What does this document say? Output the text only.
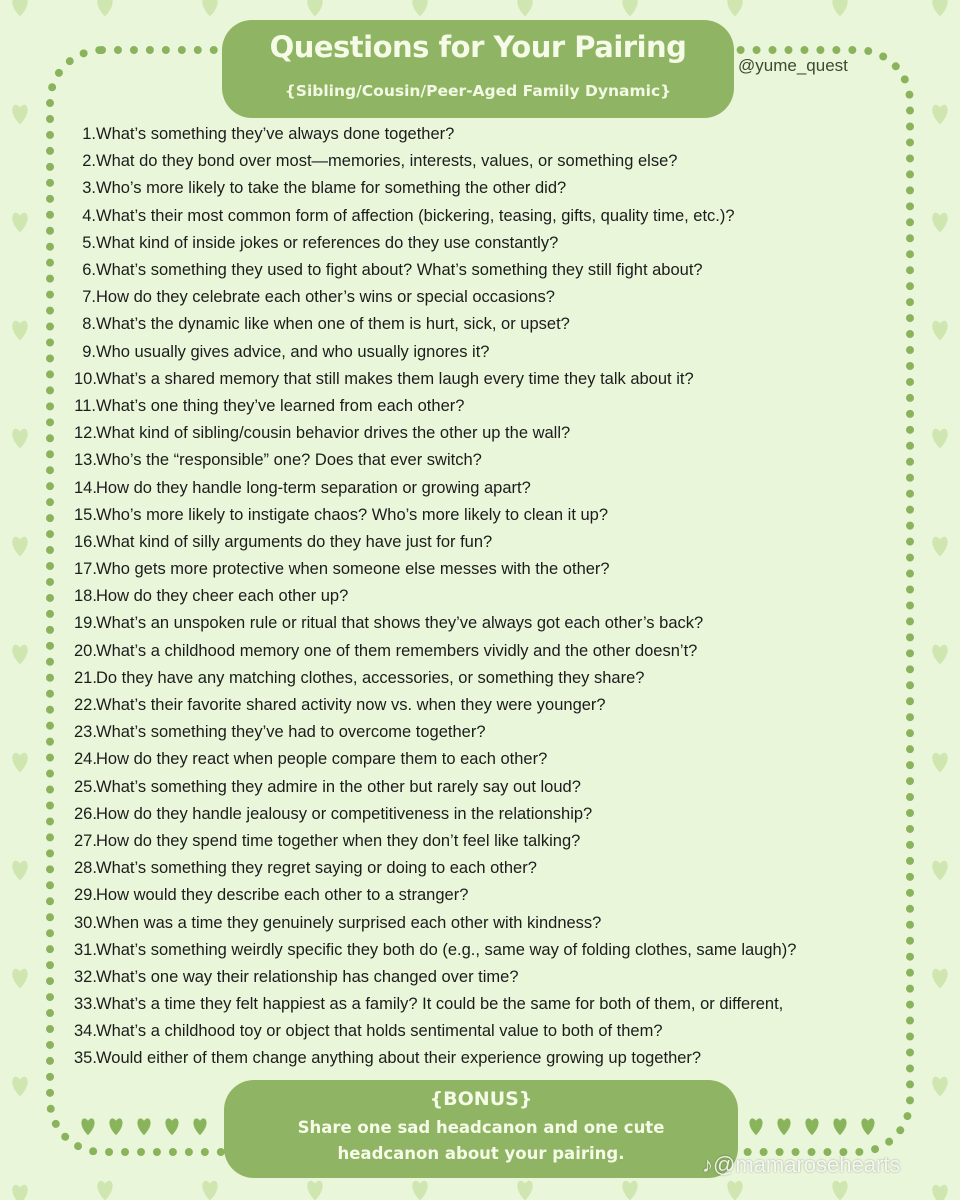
Questions for Your Pairing
{Sibling/Cousin/Peer-Aged Family Dynamic}
@yume_quest
1. What’s something they’ve always done together?
2. What do they bond over most—memories, interests, values, or something else?
3. Who’s more likely to take the blame for something the other did?
4. What’s their most common form of affection (bickering, teasing, gifts, quality time, etc.)?
5. What kind of inside jokes or references do they use constantly?
6. What’s something they used to fight about? What’s something they still fight about?
7. How do they celebrate each other’s wins or special occasions?
8. What’s the dynamic like when one of them is hurt, sick, or upset?
9. Who usually gives advice, and who usually ignores it?
10. What’s a shared memory that still makes them laugh every time they talk about it?
11. What’s one thing they’ve learned from each other?
12. What kind of sibling/cousin behavior drives the other up the wall?
13. Who’s the “responsible” one? Does that ever switch?
14. How do they handle long-term separation or growing apart?
15. Who’s more likely to instigate chaos? Who’s more likely to clean it up?
16. What kind of silly arguments do they have just for fun?
17. Who gets more protective when someone else messes with the other?
18. How do they cheer each other up?
19. What’s an unspoken rule or ritual that shows they’ve always got each other’s back?
20. What’s a childhood memory one of them remembers vividly and the other doesn’t?
21. Do they have any matching clothes, accessories, or something they share?
22. What’s their favorite shared activity now vs. when they were younger?
23. What’s something they’ve had to overcome together?
24. How do they react when people compare them to each other?
25. What’s something they admire in the other but rarely say out loud?
26. How do they handle jealousy or competitiveness in the relationship?
27. How do they spend time together when they don’t feel like talking?
28. What’s something they regret saying or doing to each other?
29. How would they describe each other to a stranger?
30. When was a time they genuinely surprised each other with kindness?
31. What’s something weirdly specific they both do (e.g., same way of folding clothes, same laugh)?
32. What’s one way their relationship has changed over time?
33. What’s a time they felt happiest as a family? It could be the same for both of them, or different,
34. What’s a childhood toy or object that holds sentimental value to both of them?
35. Would either of them change anything about their experience growing up together?
{BONUS}
Share one sad headcanon and one cute
headcanon about your pairing.	♪@mamarosehearts
